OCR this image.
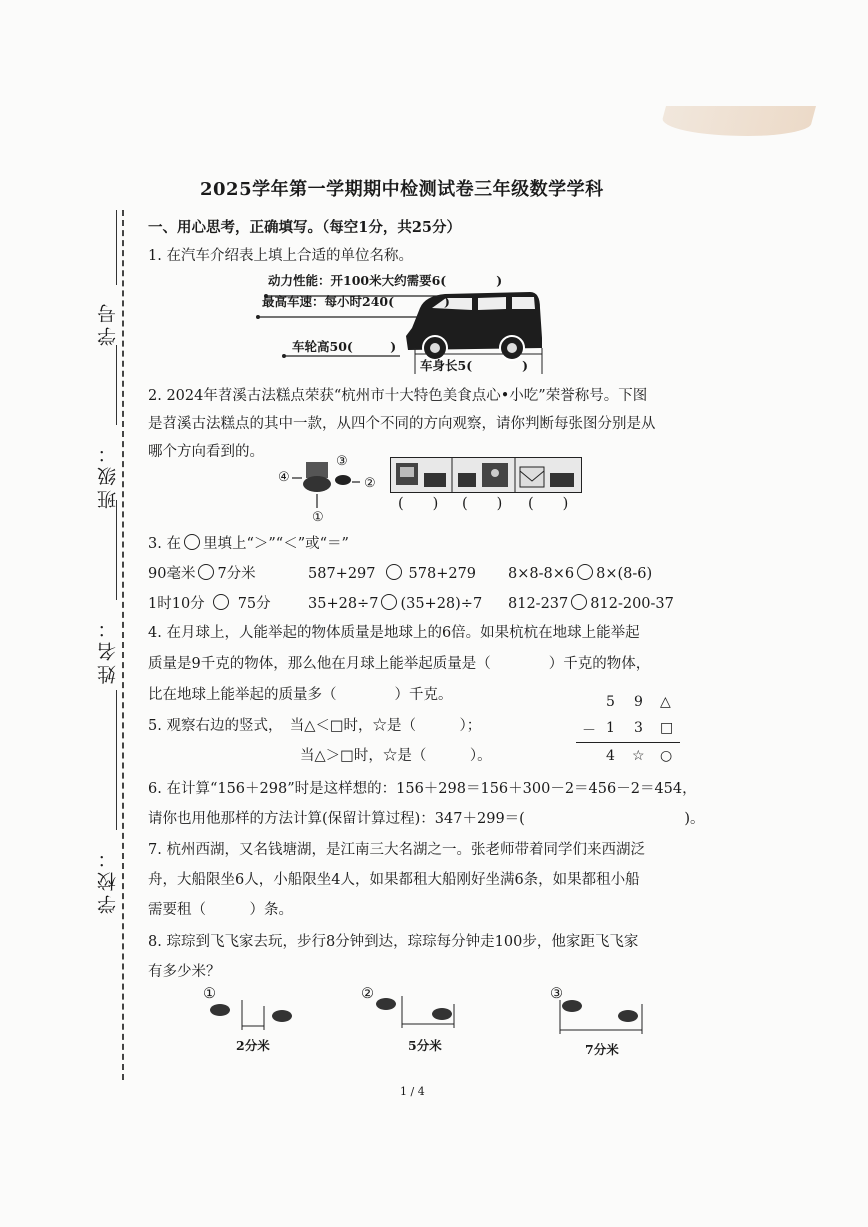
学号
班级：
姓名：
学校：
2025学年第一学期期中检测试卷三年级数学学科
一、用心思考，正确填写。（每空1分，共25分）
1. 在汽车介绍表上填上合适的单位名称。
动力性能：开100米大约需要6(　　　　)
最高车速：每小时240(　　　　)
车轮高50(　　　)
车身长5(　　　　)
2. 2024年苕溪古法糕点荣获“杭州市十大特色美食点心•小吃”荣誉称号。下图
是苕溪古法糕点的其中一款，从四个不同的方向观察，请你判断每张图分别是从
哪个方向看到的。
④
③
②
①
(　　) (　　) (　　)
3. 在 里填上“＞”“＜”或“＝”
90毫米 7分米	587+297 578+279 8×8-8×6 8×(8-6)
1时10分 75分	35+28÷7 (35+28)÷7 812-237 812-200-37
4. 在月球上，人能举起的物体质量是地球上的6倍。如果杭杭在地球上能举起
质量是9千克的物体，那么他在月球上能举起质量是（　　　　）千克的物体，
比在地球上能举起的质量多（　　　　）千克。
5. 观察右边的竖式，　当△＜□时，☆是（　　　）；
当△＞□时，☆是（　　　）。
5 9 △
－ 1 3 □
4 ☆ ○
6. 在计算“156＋298”时是这样想的：156＋298＝156＋300－2＝456－2＝454，
请你也用他那样的方法计算(保留计算过程)：347＋299＝(　　　　　　　　　　　)。
7. 杭州西湖，又名钱塘湖，是江南三大名湖之一。张老师带着同学们来西湖泛
舟，大船限坐6人，小船限坐4人，如果都租大船刚好坐满6条，如果都租小船
需要租（　　　）条。
8. 琮琮到飞飞家去玩，步行8分钟到达，琮琮每分钟走100步，他家距飞飞家
有多少米？
①
2分米
②
5分米
③
7分米
1 / 4
